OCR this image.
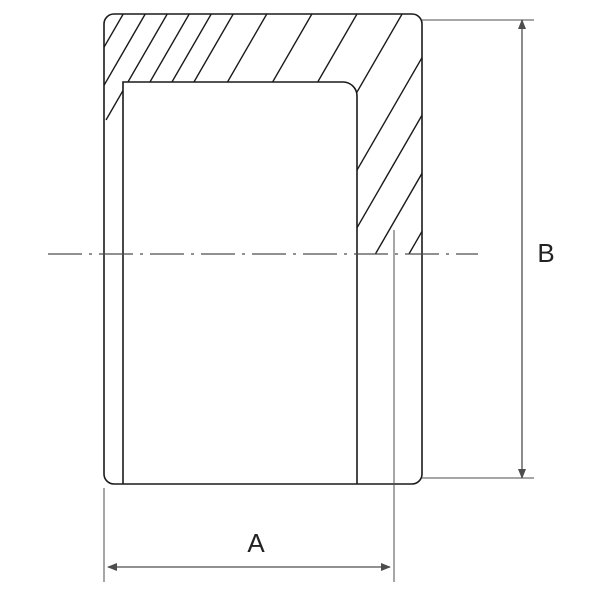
B
A
